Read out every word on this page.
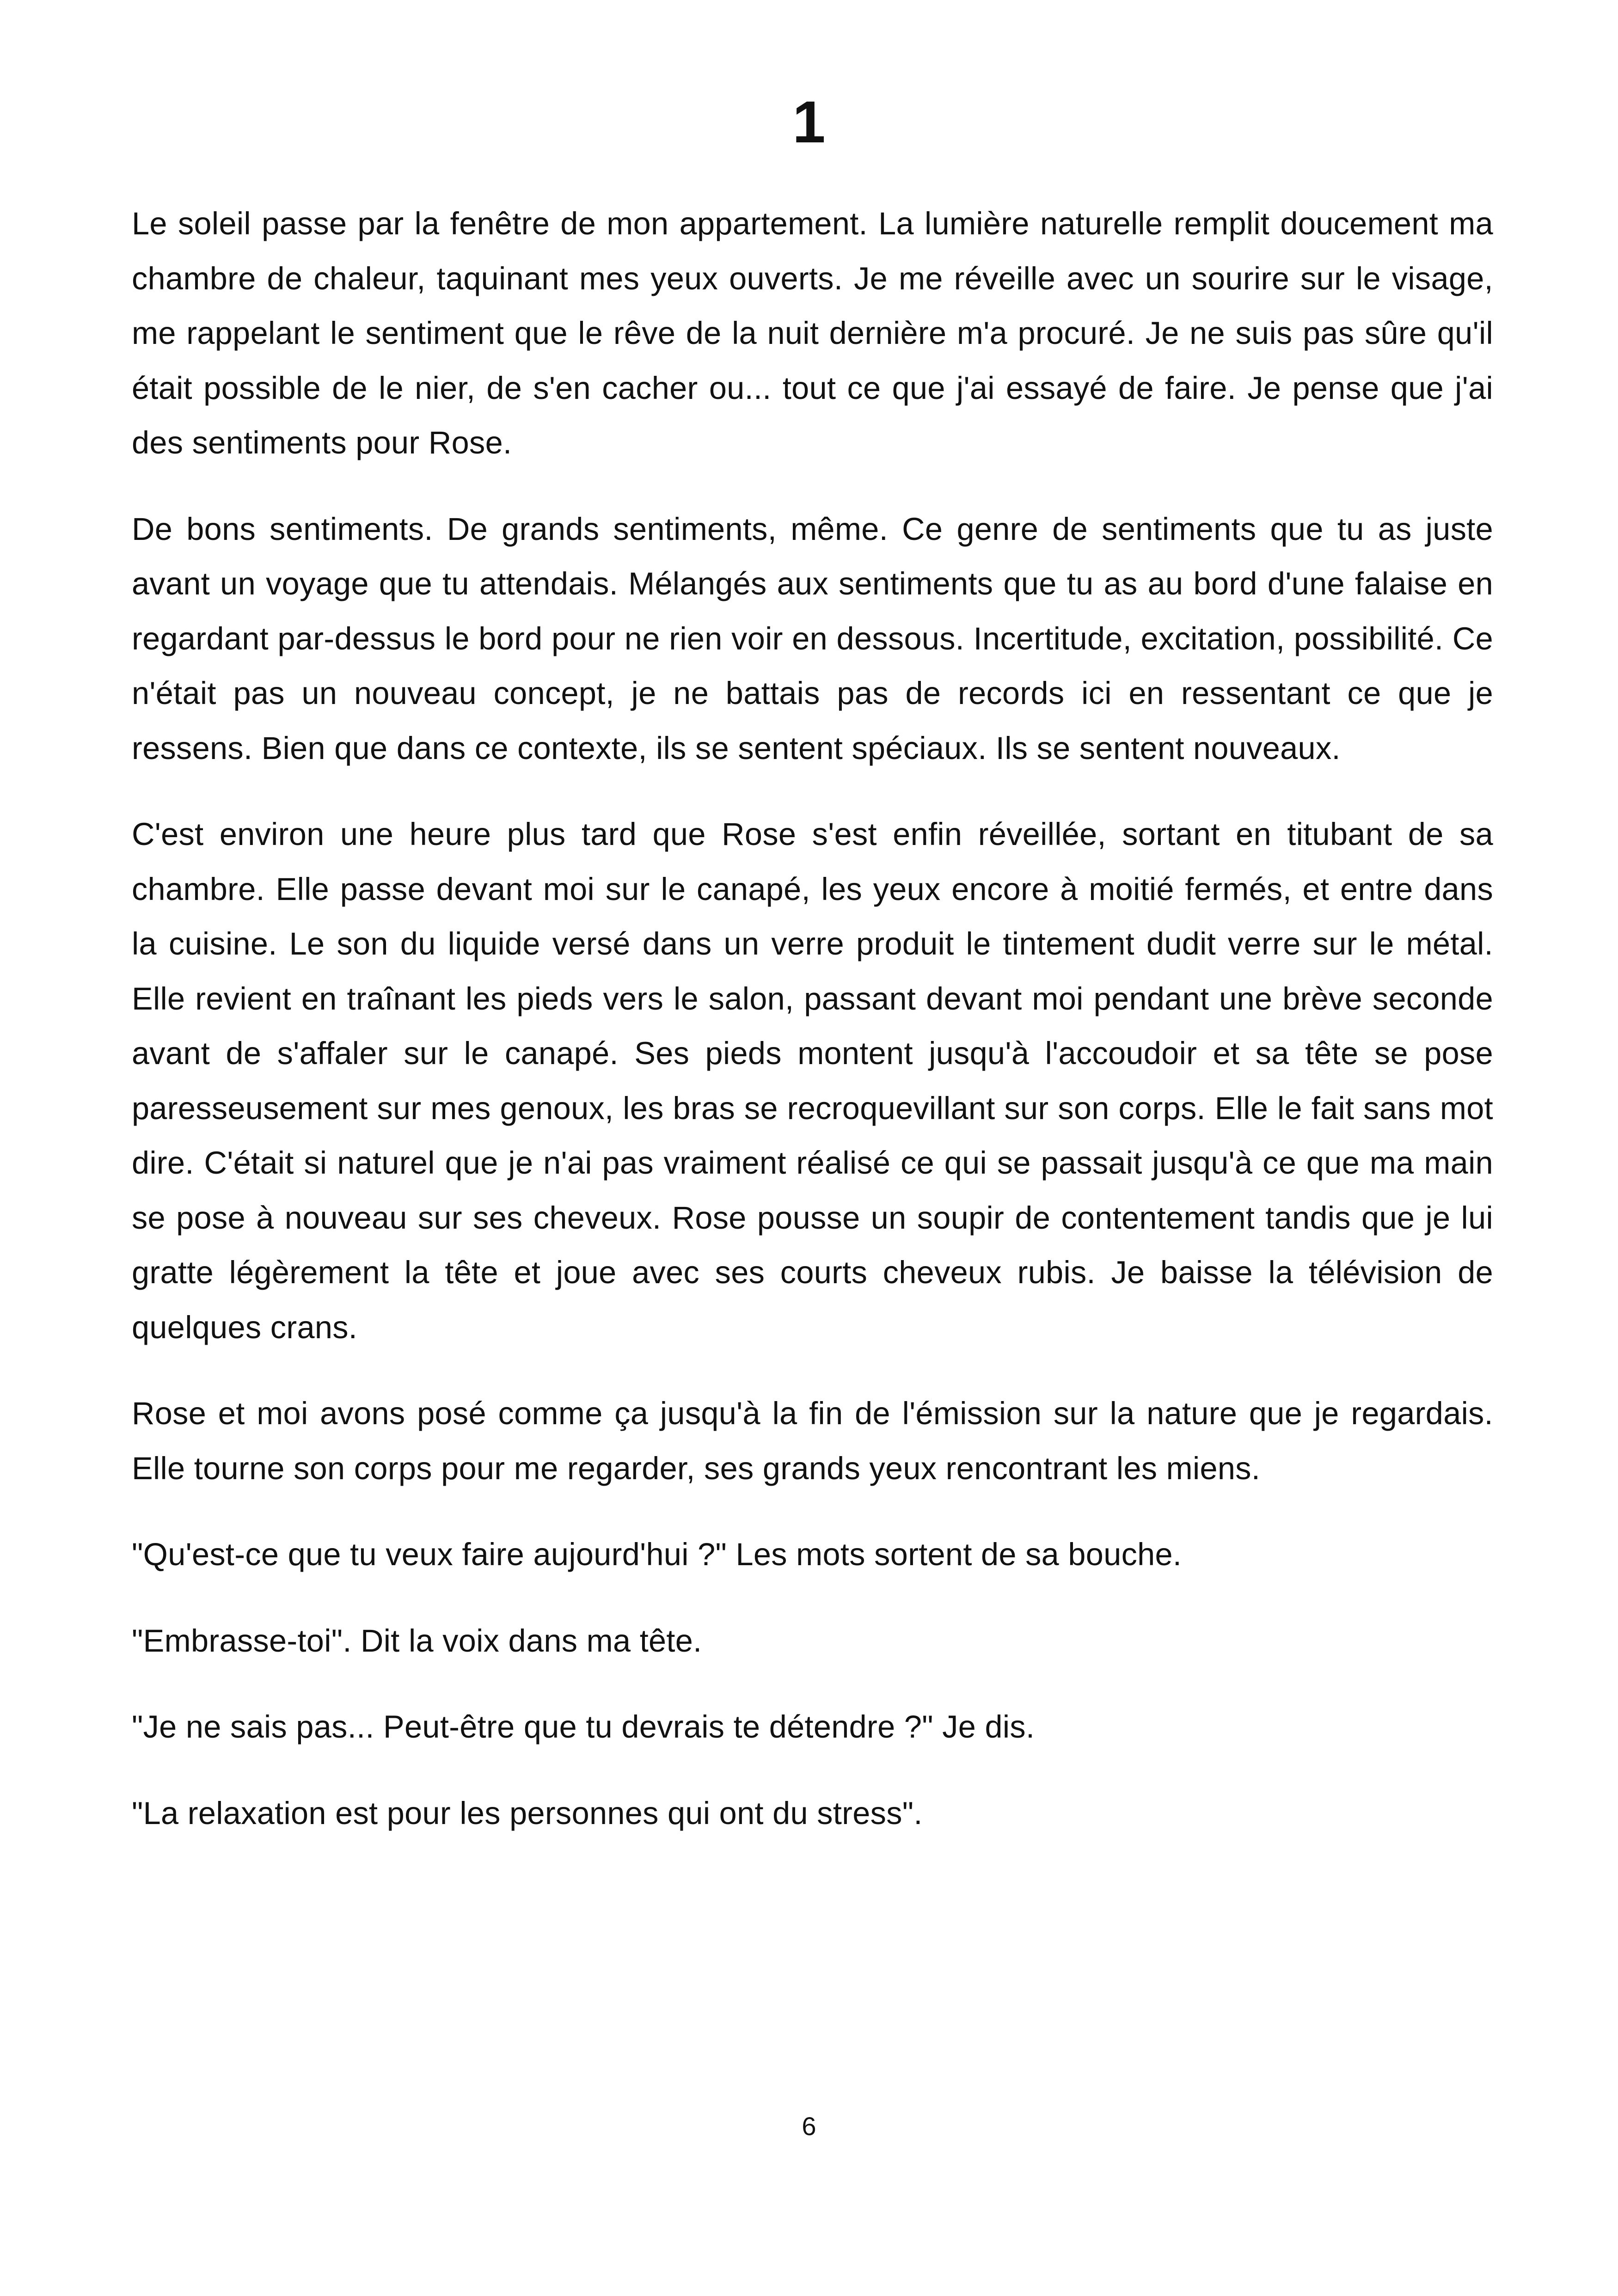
1

Le soleil passe par la fenêtre de mon appartement. La lumière naturelle remplit doucement ma chambre de chaleur, taquinant mes yeux ouverts. Je me réveille avec un sourire sur le visage, me rappelant le sentiment que le rêve de la nuit dernière m'a procuré. Je ne suis pas sûre qu'il était possible de le nier, de s'en cacher ou... tout ce que j'ai essayé de faire. Je pense que j'ai des sentiments pour Rose.

De bons sentiments. De grands sentiments, même. Ce genre de sentiments que tu as juste avant un voyage que tu attendais. Mélangés aux sentiments que tu as au bord d'une falaise en regardant par-dessus le bord pour ne rien voir en dessous. Incertitude, excitation, possibilité. Ce n'était pas un nouveau concept, je ne battais pas de records ici en ressentant ce que je ressens. Bien que dans ce contexte, ils se sentent spéciaux. Ils se sentent nouveaux.

C'est environ une heure plus tard que Rose s'est enfin réveillée, sortant en titubant de sa chambre. Elle passe devant moi sur le canapé, les yeux encore à moitié fermés, et entre dans la cuisine. Le son du liquide versé dans un verre produit le tintement dudit verre sur le métal. Elle revient en traînant les pieds vers le salon, passant devant moi pendant une brève seconde avant de s'affaler sur le canapé. Ses pieds montent jusqu'à l'accoudoir et sa tête se pose paresseusement sur mes genoux, les bras se recroquevillant sur son corps. Elle le fait sans mot dire. C'était si naturel que je n'ai pas vraiment réalisé ce qui se passait jusqu'à ce que ma main se pose à nouveau sur ses cheveux. Rose pousse un soupir de contentement tandis que je lui gratte légèrement la tête et joue avec ses courts cheveux rubis. Je baisse la télévision de quelques crans.

Rose et moi avons posé comme ça jusqu'à la fin de l'émission sur la nature que je regardais. Elle tourne son corps pour me regarder, ses grands yeux rencontrant les miens.

"Qu'est-ce que tu veux faire aujourd'hui ?" Les mots sortent de sa bouche.

"Embrasse-toi". Dit la voix dans ma tête.

"Je ne sais pas... Peut-être que tu devrais te détendre ?" Je dis.

"La relaxation est pour les personnes qui ont du stress".

6
